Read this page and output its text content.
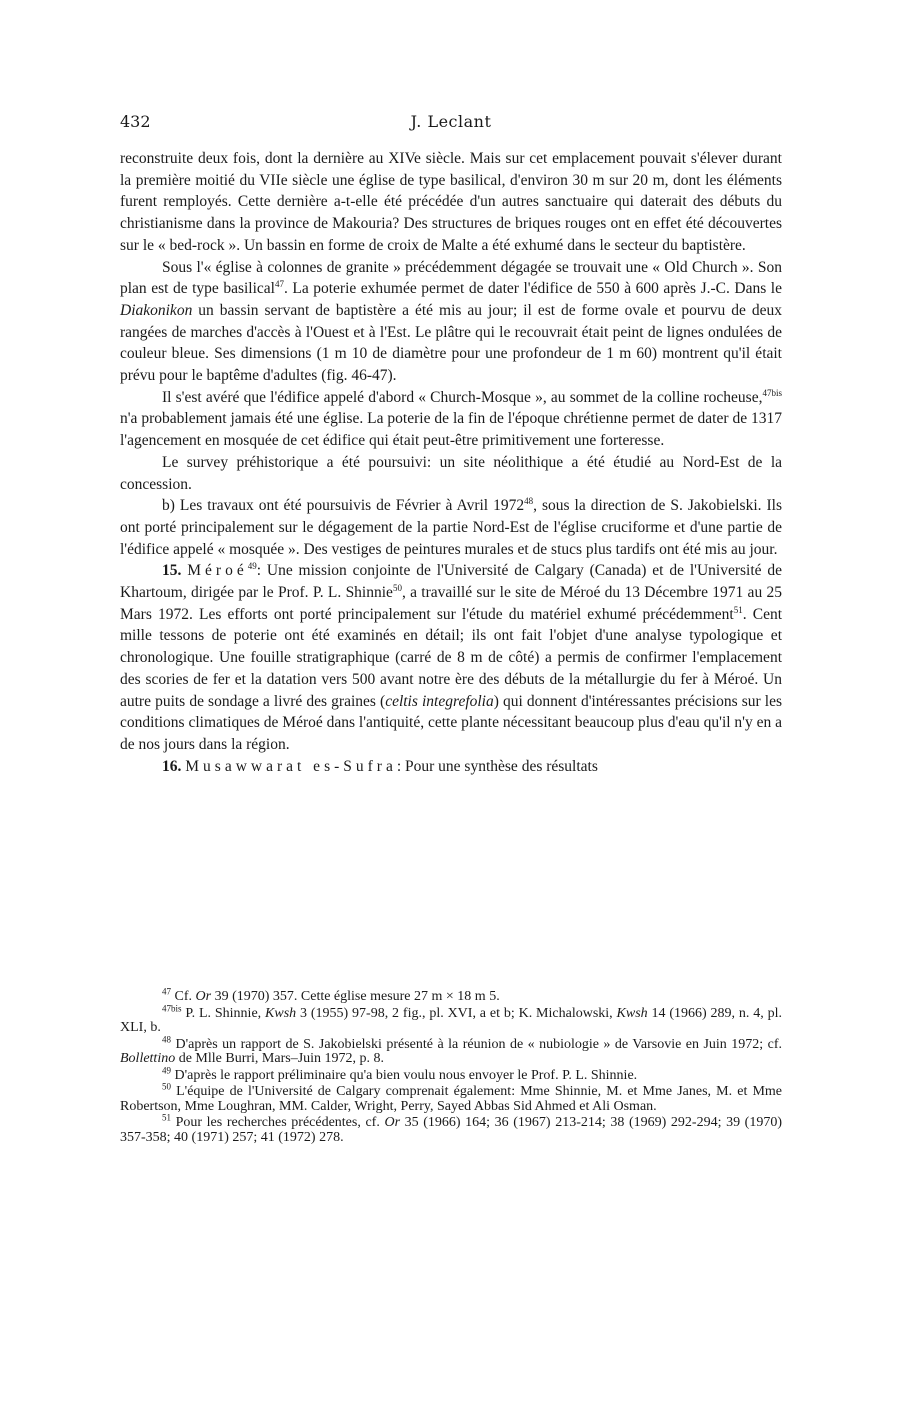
432	J. Leclant

reconstruite deux fois, dont la dernière au XIVe siècle. Mais sur cet emplacement pouvait s'élever durant la première moitié du VIIe siècle une église de type basilical, d'environ 30 m sur 20 m, dont les éléments furent remployés. Cette dernière a-t-elle été précédée d'un autres sanctuaire qui daterait des débuts du christianisme dans la province de Makouria? Des structures de briques rouges ont en effet été découvertes sur le « bed-rock ». Un bassin en forme de croix de Malte a été exhumé dans le secteur du baptistère.

Sous l'« église à colonnes de granite » précédemment dégagée se trouvait une « Old Church ». Son plan est de type basilical$^{47}$. La poterie exhumée permet de dater l'édifice de 550 à 600 après J.-C. Dans le Diakonikon un bassin servant de baptistère a été mis au jour; il est de forme ovale et pourvu de deux rangées de marches d'accès à l'Ouest et à l'Est. Le plâtre qui le recouvrait était peint de lignes ondulées de couleur bleue. Ses dimensions (1 m 10 de diamètre pour une profondeur de 1 m 60) montrent qu'il était prévu pour le baptême d'adultes (fig. 46-47).

Il s'est avéré que l'édifice appelé d'abord « Church-Mosque », au sommet de la colline rocheuse,$^{47bis}$ n'a probablement jamais été une église. La poterie de la fin de l'époque chrétienne permet de dater de 1317 l'agencement en mosquée de cet édifice qui était peut-être primitivement une forteresse.

Le survey préhistorique a été poursuivi: un site néolithique a été étudié au Nord-Est de la concession.

b) Les travaux ont été poursuivis de Février à Avril 1972$^{48}$, sous la direction de S. Jakobielski. Ils ont porté principalement sur le dégagement de la partie Nord-Est de l'église cruciforme et d'une partie de l'édifice appelé « mosquée ». Des vestiges de peintures murales et de stucs plus tardifs ont été mis au jour.

15. Méroé$^{49}$: Une mission conjointe de l'Université de Calgary (Canada) et de l'Université de Khartoum, dirigée par le Prof. P. L. Shinnie$^{50}$, a travaillé sur le site de Méroé du 13 Décembre 1971 au 25 Mars 1972. Les efforts ont porté principalement sur l'étude du matériel exhumé précédemment$^{51}$. Cent mille tessons de poterie ont été examinés en détail; ils ont fait l'objet d'une analyse typologique et chronologique. Une fouille stratigraphique (carré de 8 m de côté) a permis de confirmer l'emplacement des scories de fer et la datation vers 500 avant notre ère des débuts de la métallurgie du fer à Méroé. Un autre puits de sondage a livré des graines (celtis integrefolia) qui donnent d'intéressantes précisions sur les conditions climatiques de Méroé dans l'antiquité, cette plante nécessitant beaucoup plus d'eau qu'il n'y en a de nos jours dans la région.

16. Musawwarat es-Sufra: Pour une synthèse des résultats

$^{47}$ Cf. Or 39 (1970) 357. Cette église mesure 27 m × 18 m 5.

$^{47bis}$ P. L. Shinnie, Kwsh 3 (1955) 97-98, 2 fig., pl. XVI, a et b; K. Michalowski, Kwsh 14 (1966) 289, n. 4, pl. XLI, b.

$^{48}$ D'après un rapport de S. Jakobielski présenté à la réunion de « nubiologie » de Varsovie en Juin 1972; cf. Bollettino de Mlle Burri, Mars–Juin 1972, p. 8.

$^{49}$ D'après le rapport préliminaire qu'a bien voulu nous envoyer le Prof. P. L. Shinnie.

$^{50}$ L'équipe de l'Université de Calgary comprenait également: Mme Shinnie, M. et Mme Janes, M. et Mme Robertson, Mme Loughran, MM. Calder, Wright, Perry, Sayed Abbas Sid Ahmed et Ali Osman.

$^{51}$ Pour les recherches précédentes, cf. Or 35 (1966) 164; 36 (1967) 213-214; 38 (1969) 292-294; 39 (1970) 357-358; 40 (1971) 257; 41 (1972) 278.
